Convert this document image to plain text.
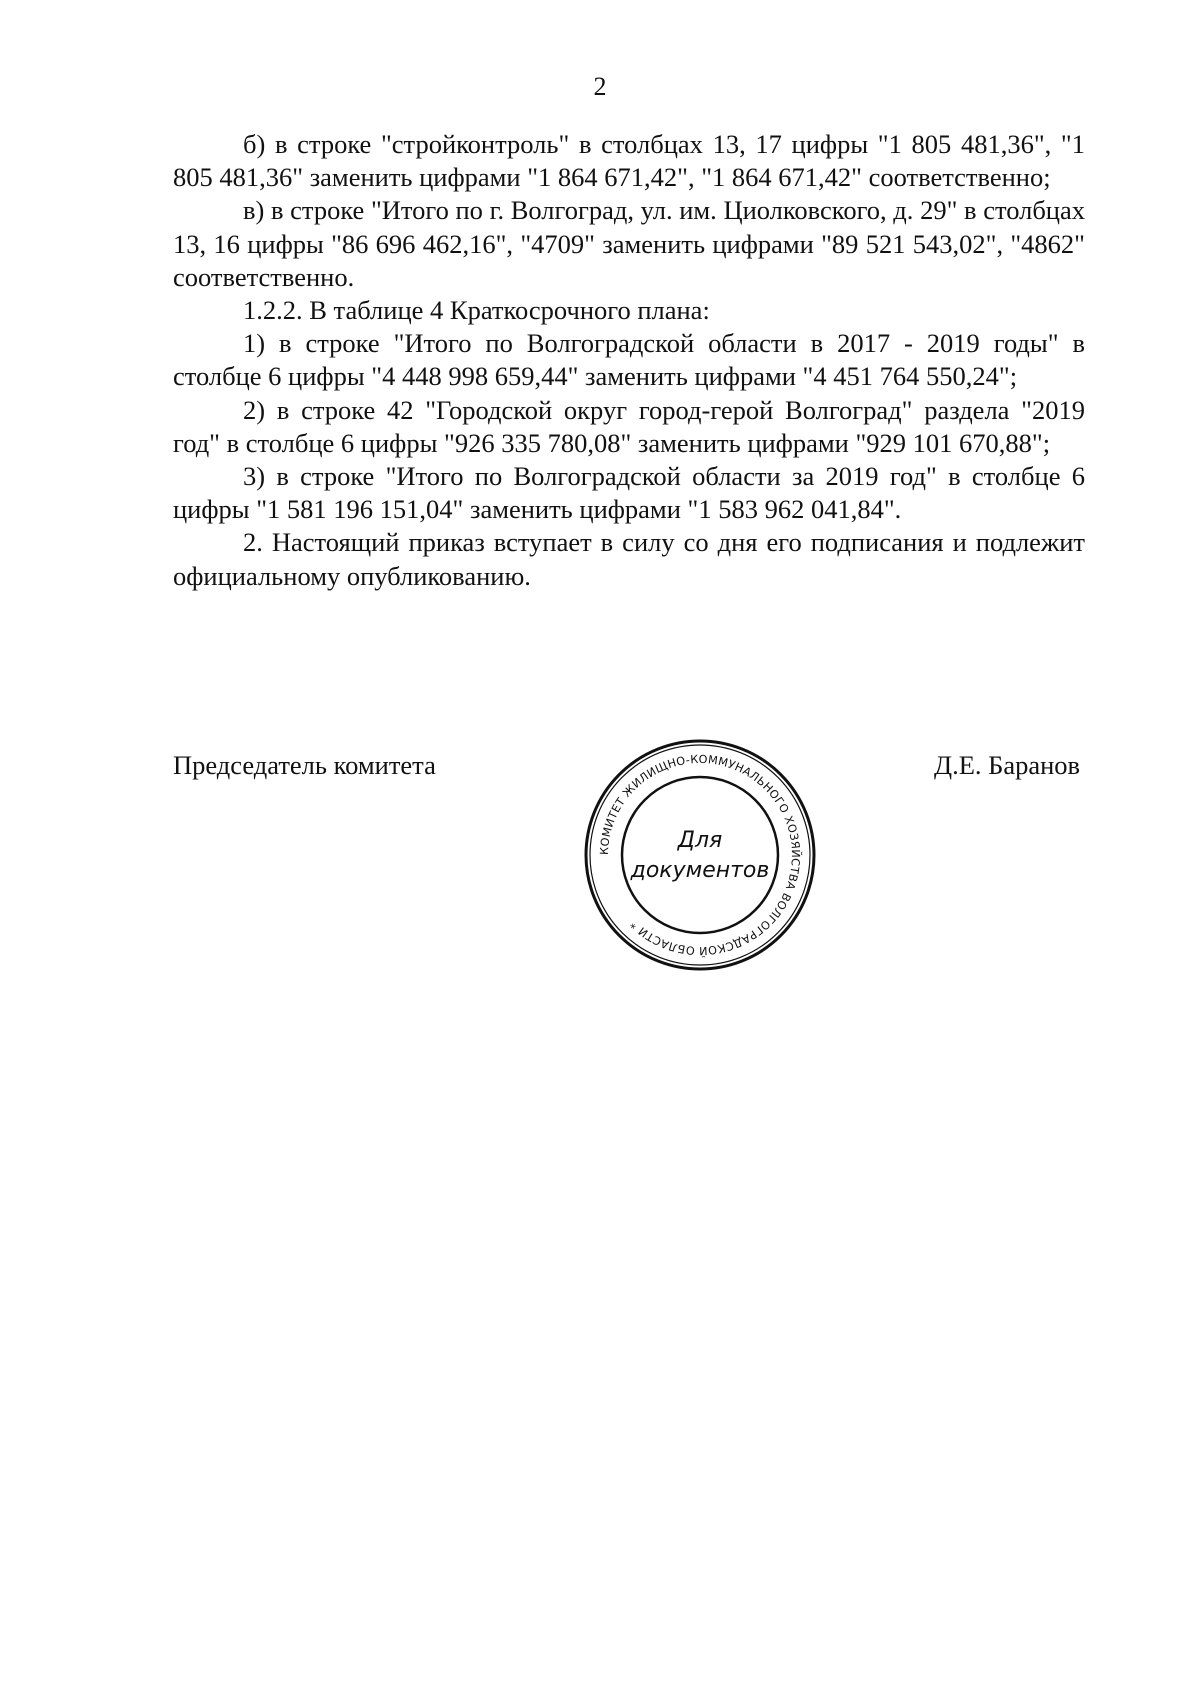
2

б) в строке "стройконтроль" в столбцах 13, 17 цифры "1 805 481,36", "1 805 481,36" заменить цифрами "1 864 671,42", "1 864 671,42" соответственно;

в) в строке "Итого по г. Волгоград, ул. им. Циолковского, д. 29" в столбцах 13, 16 цифры "86 696 462,16", "4709" заменить цифрами "89 521 543,02", "4862" соответственно.

1.2.2. В таблице 4 Краткосрочного плана:

1) в строке "Итого по Волгоградской области в 2017 - 2019 годы" в столбце 6 цифры "4 448 998 659,44" заменить цифрами "4 451 764 550,24";

2) в строке 42 "Городской округ город-герой Волгоград" раздела "2019 год" в столбце 6 цифры "926 335 780,08" заменить цифрами "929 101 670,88";

3) в строке "Итого по Волгоградской области за 2019 год" в столбце 6 цифры "1 581 196 151,04" заменить цифрами "1 583 962 041,84".

2. Настоящий приказ вступает в силу со дня его подписания и подлежит официальному опубликованию.

Председатель комитета	Д.Е. Баранов
КОМИТЕТ ЖИЛИЩНО-КОММУНАЛЬНОГО ХОЗЯЙСТВА ВОЛГОГРАДСКОЙ ОБЛАСТИ *
Для
документов
